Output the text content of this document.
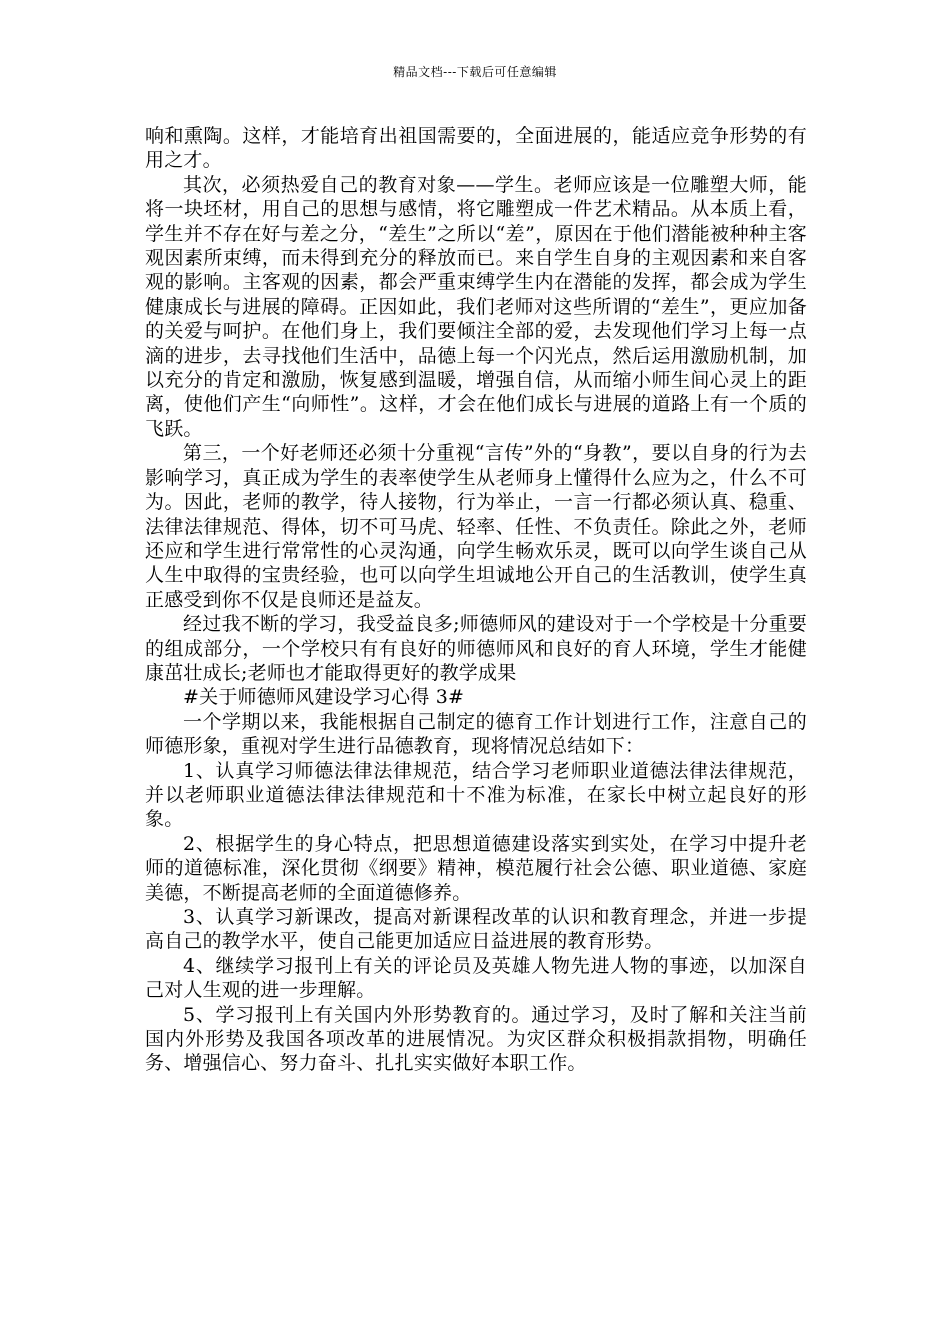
精品文档---下载后可任意编辑

响和熏陶。这样，才能培育出祖国需要的，全面进展的，能适应竞争形势的有用之才。

其次，必须热爱自己的教育对象——学生。老师应该是一位雕塑大师，能将一块坯材，用自己的思想与感情，将它雕塑成一件艺术精品。从本质上看，学生并不存在好与差之分，“差生”之所以“差”，原因在于他们潜能被种种主客观因素所束缚，而未得到充分的释放而已。来自学生自身的主观因素和来自客观的影响。主客观的因素，都会严重束缚学生内在潜能的发挥，都会成为学生健康成长与进展的障碍。正因如此，我们老师对这些所谓的“差生”，更应加备的关爱与呵护。在他们身上，我们要倾注全部的爱，去发现他们学习上每一点滴的进步，去寻找他们生活中，品德上每一个闪光点，然后运用激励机制，加以充分的肯定和激励，恢复感到温暖，增强自信，从而缩小师生间心灵上的距离，使他们产生“向师性”。这样，才会在他们成长与进展的道路上有一个质的飞跃。

第三，一个好老师还必须十分重视“言传”外的“身教”，要以自身的行为去影响学习，真正成为学生的表率使学生从老师身上懂得什么应为之，什么不可为。因此，老师的教学，待人接物，行为举止，一言一行都必须认真、稳重、法律法律规范、得体，切不可马虎、轻率、任性、不负责任。除此之外，老师还应和学生进行常常性的心灵沟通，向学生畅欢乐灵，既可以向学生谈自己从人生中取得的宝贵经验，也可以向学生坦诚地公开自己的生活教训，使学生真正感受到你不仅是良师还是益友。

经过我不断的学习，我受益良多;师德师风的建设对于一个学校是十分重要的组成部分，一个学校只有有良好的师德师风和良好的育人环境，学生才能健康茁壮成长;老师也才能取得更好的教学成果

#关于师德师风建设学习心得 3#

一个学期以来，我能根据自己制定的德育工作计划进行工作，注意自己的师德形象，重视对学生进行品德教育，现将情况总结如下：

1、认真学习师德法律法律规范，结合学习老师职业道德法律法律规范，并以老师职业道德法律法律规范和十不准为标准，在家长中树立起良好的形象。

2、根据学生的身心特点，把思想道德建设落实到实处，在学习中提升老师的道德标准，深化贯彻《纲要》精神，模范履行社会公德、职业道德、家庭美德，不断提高老师的全面道德修养。

3、认真学习新课改，提高对新课程改革的认识和教育理念，并进一步提高自己的教学水平，使自己能更加适应日益进展的教育形势。

4、继续学习报刊上有关的评论员及英雄人物先进人物的事迹，以加深自己对人生观的进一步理解。

5、学习报刊上有关国内外形势教育的。通过学习，及时了解和关注当前国内外形势及我国各项改革的进展情况。为灾区群众积极捐款捐物，明确任务、增强信心、努力奋斗、扎扎实实做好本职工作。
